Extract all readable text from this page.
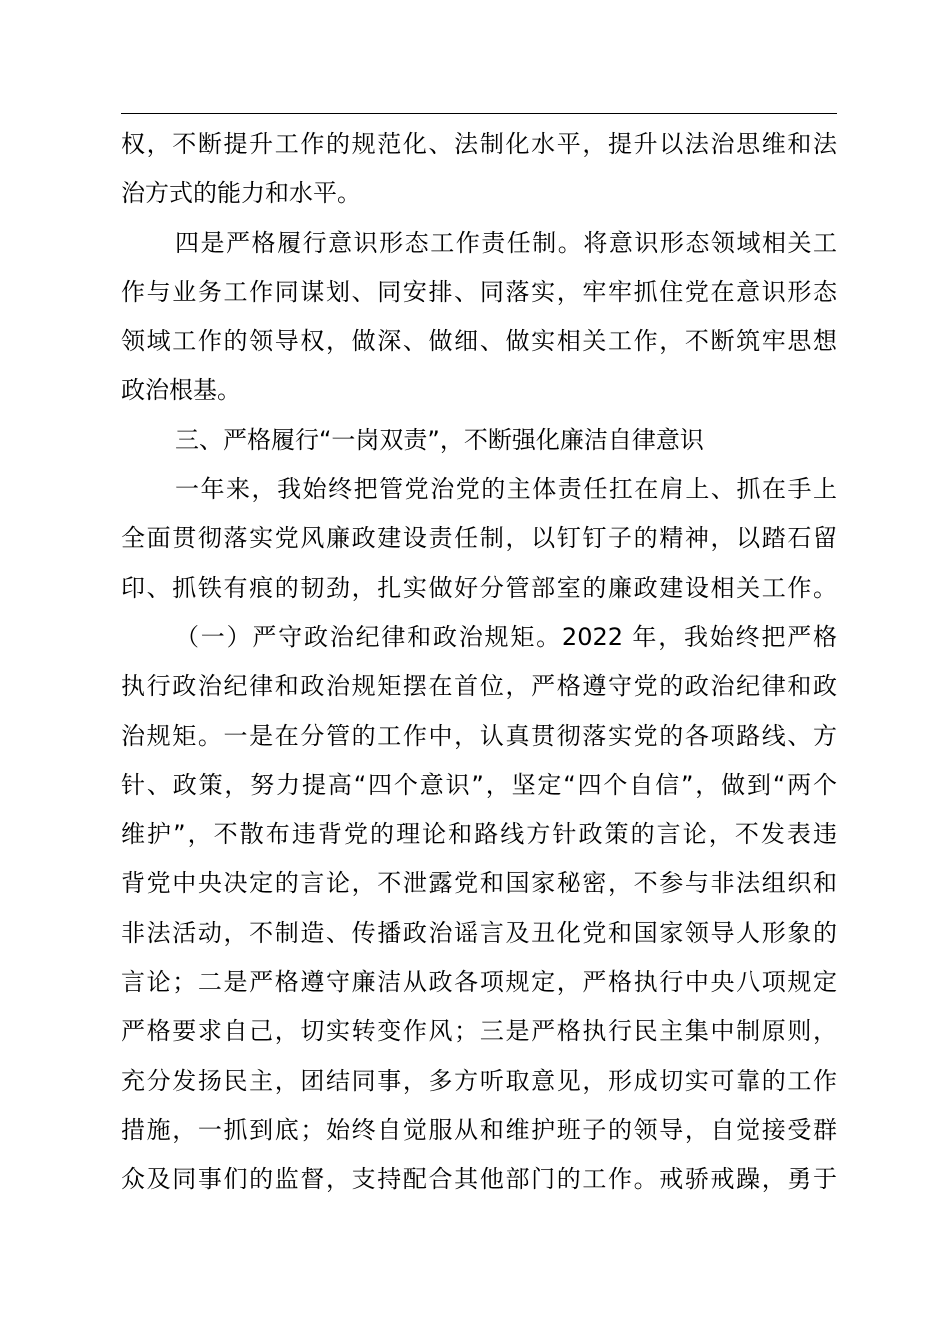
权，不断提升工作的规范化、法制化水平，提升以法治思维和法
治方式的能力和水平。
四是严格履行意识形态工作责任制。将意识形态领域相关工
作与业务工作同谋划、同安排、同落实，牢牢抓住党在意识形态
领域工作的领导权，做深、做细、做实相关工作，不断筑牢思想
政治根基。
三、严格履行“一岗双责”，不断强化廉洁自律意识
一年来，我始终把管党治党的主体责任扛在肩上、抓在手上
全面贯彻落实党风廉政建设责任制，以钉钉子的精神，以踏石留
印、抓铁有痕的韧劲，扎实做好分管部室的廉政建设相关工作。
（一）严守政治纪律和政治规矩。2022 年，我始终把严格
执行政治纪律和政治规矩摆在首位，严格遵守党的政治纪律和政
治规矩。一是在分管的工作中，认真贯彻落实党的各项路线、方
针、政策，努力提高“四个意识”，坚定“四个自信”，做到“两个
维护”，不散布违背党的理论和路线方针政策的言论，不发表违
背党中央决定的言论，不泄露党和国家秘密，不参与非法组织和
非法活动，不制造、传播政治谣言及丑化党和国家领导人形象的
言论；二是严格遵守廉洁从政各项规定，严格执行中央八项规定
严格要求自己，切实转变作风；三是严格执行民主集中制原则，
充分发扬民主，团结同事，多方听取意见，形成切实可靠的工作
措施，一抓到底；始终自觉服从和维护班子的领导，自觉接受群
众及同事们的监督，支持配合其他部门的工作。戒骄戒躁，勇于
